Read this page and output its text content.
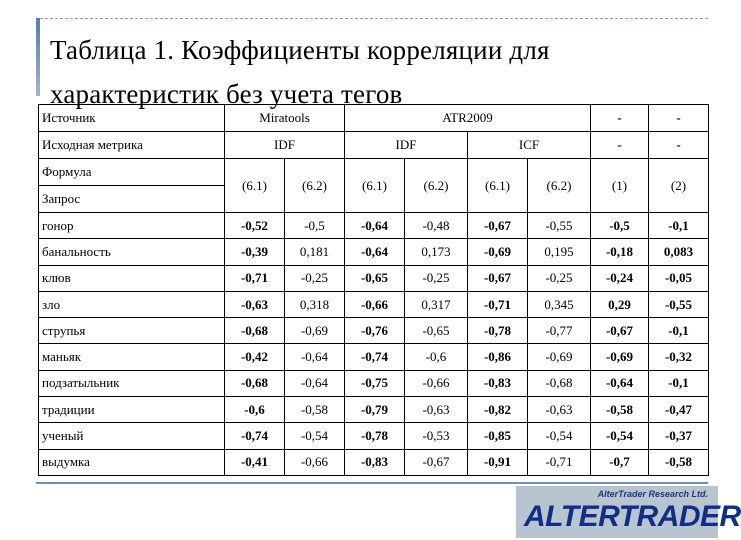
Таблица 1. Коэффициенты корреляции для характеристик без учета тегов
Источник	Miratools		ATR2009				-	-
Исходная метрика	IDF		IDF		ICF		-	-
Формула	(6.1)	(6.2)	(6.1)	(6.2)	(6.1)	(6.2)	(1)	(2)
Запрос								
гонор	-0,52	-0,5	-0,64	-0,48	-0,67	-0,55	-0,5	-0,1
банальность	-0,39	0,181	-0,64	0,173	-0,69	0,195	-0,18	0,083
клюв	-0,71	-0,25	-0,65	-0,25	-0,67	-0,25	-0,24	-0,05
зло	-0,63	0,318	-0,66	0,317	-0,71	0,345	0,29	-0,55
струпья	-0,68	-0,69	-0,76	-0,65	-0,78	-0,77	-0,67	-0,1
маньяк	-0,42	-0,64	-0,74	-0,6	-0,86	-0,69	-0,69	-0,32
подзатыльник	-0,68	-0,64	-0,75	-0,66	-0,83	-0,68	-0,64	-0,1
традиции	-0,6	-0,58	-0,79	-0,63	-0,82	-0,63	-0,58	-0,47
ученый	-0,74	-0,54	-0,78	-0,53	-0,85	-0,54	-0,54	-0,37
выдумка	-0,41	-0,66	-0,83	-0,67	-0,91	-0,71	-0,7	-0,58
AlterTrader Research Ltd.
ALTERTRADER
